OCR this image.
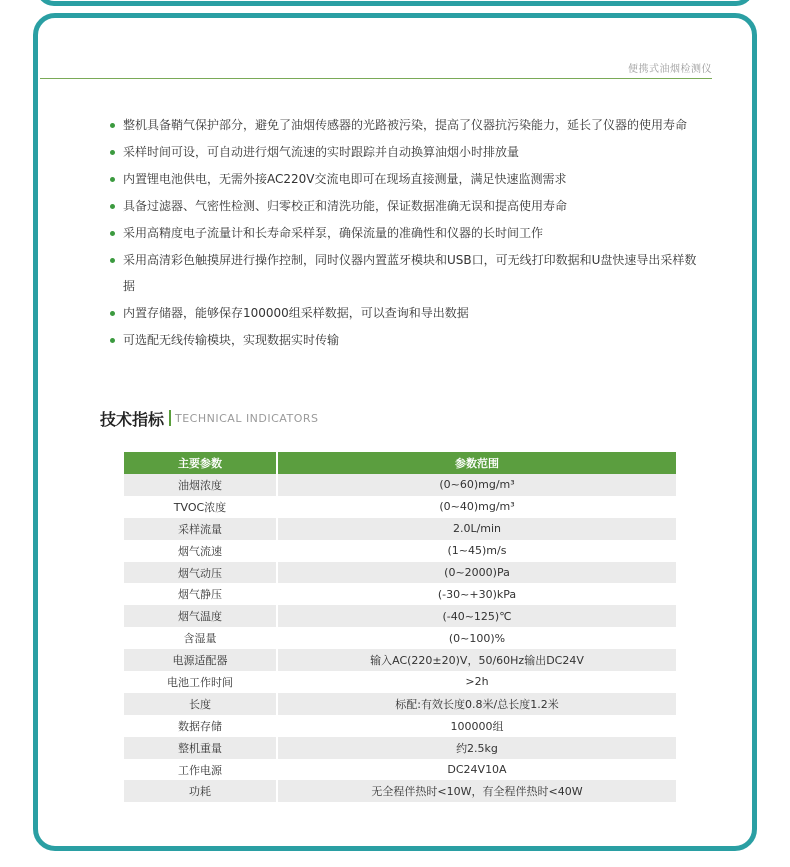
便携式油烟检测仪
整机具备鞘气保护部分，避免了油烟传感器的光路被污染，提高了仪器抗污染能力，延长了仪器的使用寿命
采样时间可设，可自动进行烟气流速的实时跟踪并自动换算油烟小时排放量
内置锂电池供电，无需外接AC220V交流电即可在现场直接测量，满足快速监测需求
具备过滤器、气密性检测、归零校正和清洗功能，保证数据准确无误和提高使用寿命
采用高精度电子流量计和长寿命采样泵，确保流量的准确性和仪器的长时间工作
采用高清彩色触摸屏进行操作控制，同时仪器内置蓝牙模块和USB口，可无线打印数据和U盘快速导出采样数据
内置存储器，能够保存100000组采样数据，可以查询和导出数据
可选配无线传输模块，实现数据实时传输
技术指标 TECHNICAL INDICATORS
主要参数	参数范围
油烟浓度	(0~60)mg/m³
TVOC浓度	(0~40)mg/m³
采样流量	2.0L/min
烟气流速	(1~45)m/s
烟气动压	(0~2000)Pa
烟气静压	(-30~+30)kPa
烟气温度	(-40~125)℃
含湿量	(0~100)%
电源适配器	输入AC(220±20)V，50/60Hz输出DC24V
电池工作时间	>2h
长度	标配:有效长度0.8米/总长度1.2米
数据存储	100000组
整机重量	约2.5kg
工作电源	DC24V10A
功耗	无全程伴热时<10W，有全程伴热时<40W
